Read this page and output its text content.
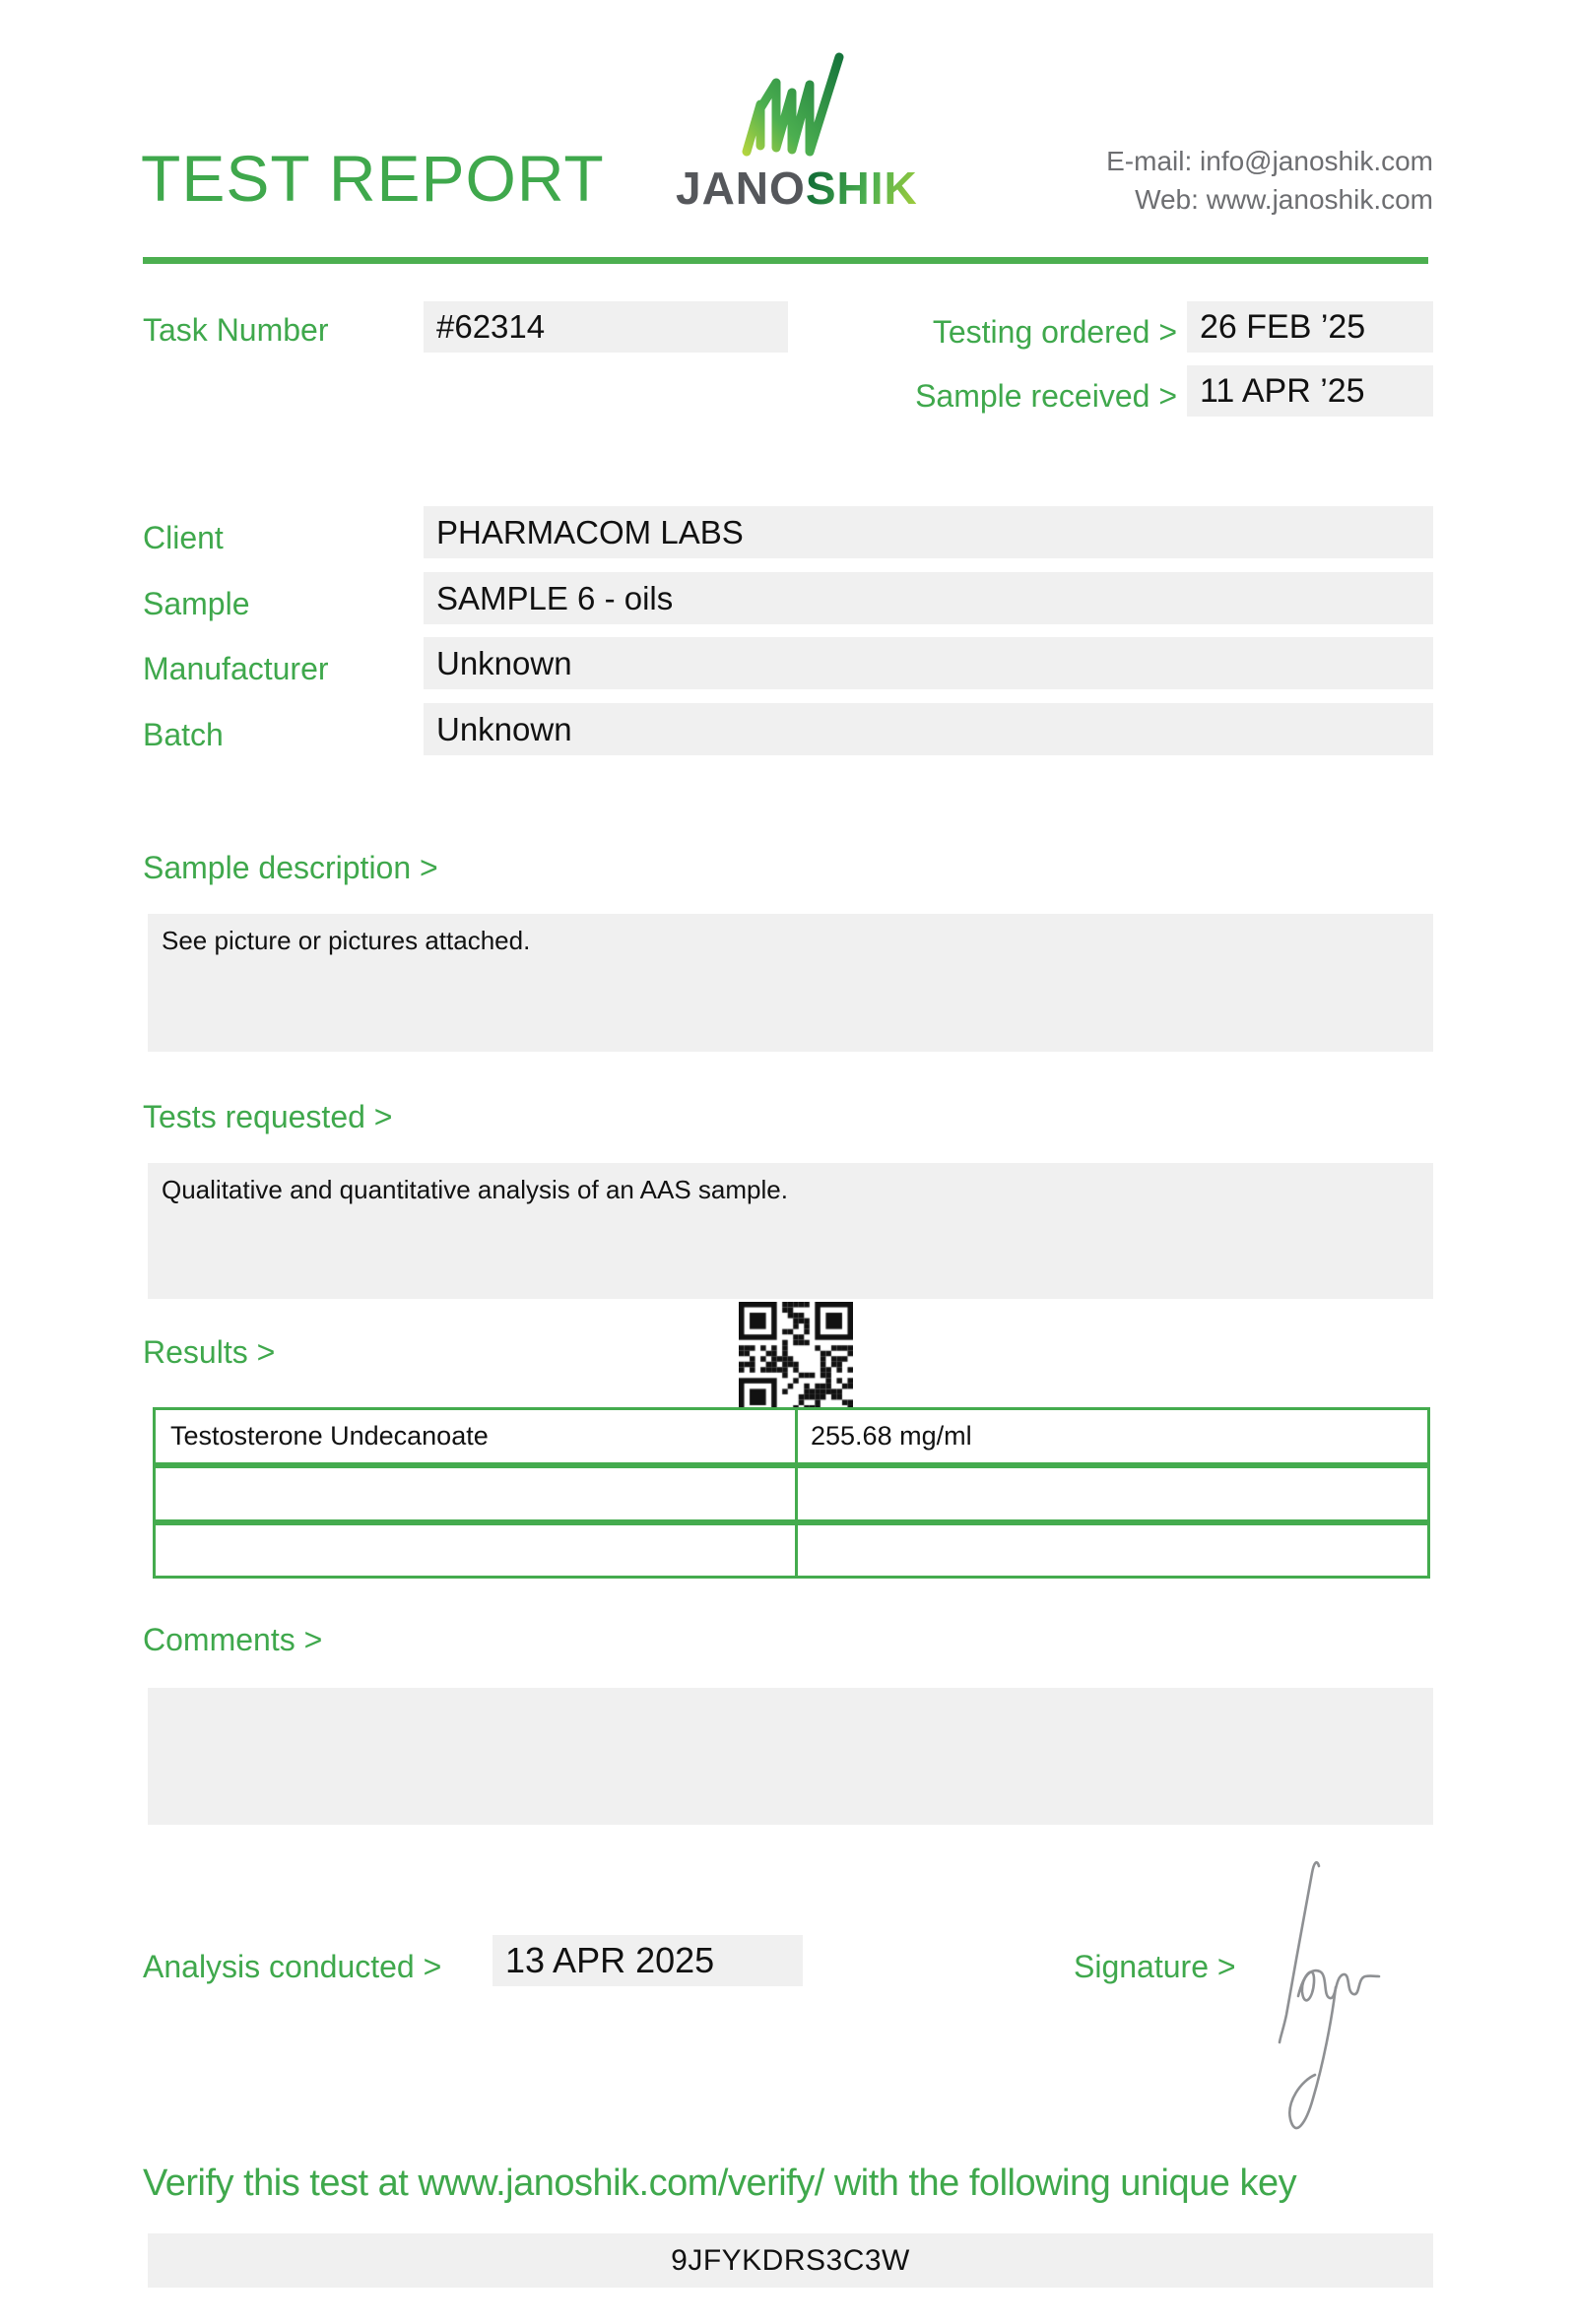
TEST REPORT JANOSHIK
E-mail: info@janoshik.com
Web: www.janoshik.com
Task Number	#62314	Testing ordered > 26 FEB ’25
Sample received > 11 APR ’25
Client	PHARMACOM LABS
Sample	SAMPLE 6 - oils
Manufacturer	Unknown
Batch	Unknown
Sample description >
See picture or pictures attached.
Tests requested >
Qualitative and quantitative analysis of an AAS sample.
Results >
Testosterone Undecanoate	255.68 mg/ml
Comments >
Analysis conducted >	13 APR 2025	Signature >
Verify this test at www.janoshik.com/verify/ with the following unique key
9JFYKDRS3C3W
